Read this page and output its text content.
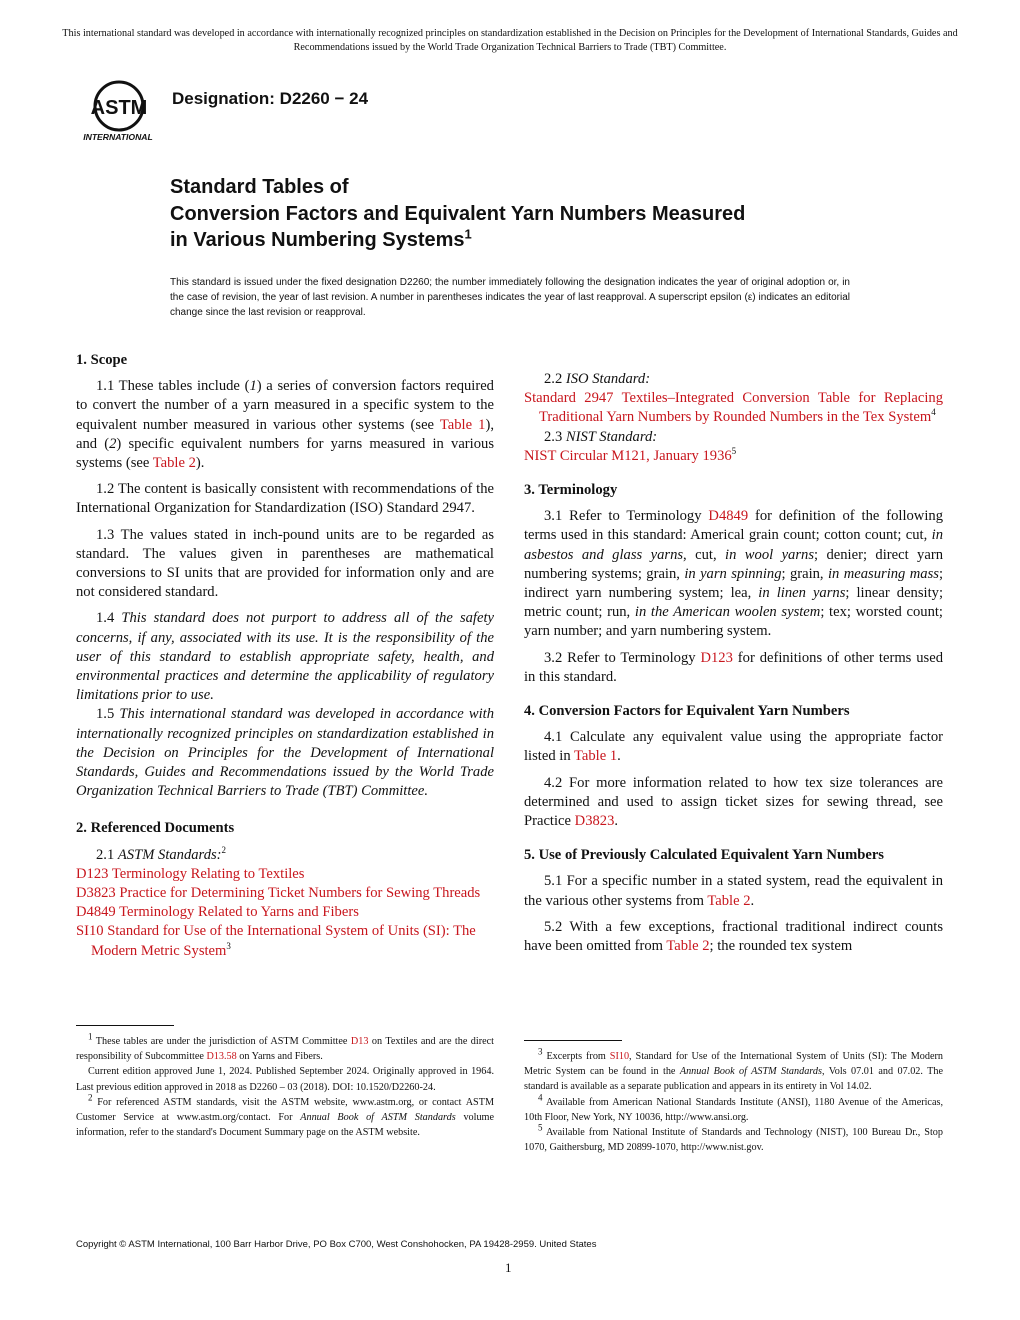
This international standard was developed in accordance with internationally recognized principles on standardization established in the Decision on Principles for the Development of International Standards, Guides and Recommendations issued by the World Trade Organization Technical Barriers to Trade (TBT) Committee.
ASTM
INTERNATIONAL
Designation: D2260 − 24
Standard Tables of
Conversion Factors and Equivalent Yarn Numbers Measured
in Various Numbering Systems$^1$
This standard is issued under the fixed designation D2260; the number immediately following the designation indicates the year of original adoption or, in the case of revision, the year of last revision. A number in parentheses indicates the year of last reapproval. A superscript epsilon (ε) indicates an editorial change since the last revision or reapproval.

1. Scope

1.1 These tables include (1) a series of conversion factors required to convert the number of a yarn measured in a specific system to the equivalent number measured in various other systems (see Table 1), and (2) specific equivalent numbers for yarns measured in various systems (see Table 2).

1.2 The content is basically consistent with recommendations of the International Organization for Standardization (ISO) Standard 2947.

1.3 The values stated in inch-pound units are to be regarded as standard. The values given in parentheses are mathematical conversions to SI units that are provided for information only and are not considered standard.

1.4 This standard does not purport to address all of the safety concerns, if any, associated with its use. It is the responsibility of the user of this standard to establish appropriate safety, health, and environmental practices and determine the applicability of regulatory limitations prior to use.

1.5 This international standard was developed in accordance with internationally recognized principles on standardization established in the Decision on Principles for the Development of International Standards, Guides and Recommendations issued by the World Trade Organization Technical Barriers to Trade (TBT) Committee.

2. Referenced Documents

2.1 ASTM Standards:$^2$

D123 Terminology Relating to Textiles

D3823 Practice for Determining Ticket Numbers for Sewing Threads

D4849 Terminology Related to Yarns and Fibers

SI10 Standard for Use of the International System of Units (SI): The Modern Metric System$^3$

2.2 ISO Standard:

Standard 2947 Textiles–Integrated Conversion Table for Replacing Traditional Yarn Numbers by Rounded Numbers in the Tex System$^4$

2.3 NIST Standard:

NIST Circular M121, January 1936$^5$

3. Terminology

3.1 Refer to Terminology D4849 for definition of the following terms used in this standard: Americal grain count; cotton count; cut, in asbestos and glass yarns, cut, in wool yarns; denier; direct yarn numbering systems; grain, in yarn spinning; grain, in measuring mass; indirect yarn numbering system; lea, in linen yarns; linear density; metric count; run, in the American woolen system; tex; worsted count; yarn number; and yarn numbering system.

3.2 Refer to Terminology D123 for definitions of other terms used in this standard.

4. Conversion Factors for Equivalent Yarn Numbers

4.1 Calculate any equivalent value using the appropriate factor listed in Table 1.

4.2 For more information related to how tex size tolerances are determined and used to assign ticket sizes for sewing thread, see Practice D3823.

5. Use of Previously Calculated Equivalent Yarn Numbers

5.1 For a specific number in a stated system, read the equivalent in the various other systems from Table 2.

5.2 With a few exceptions, fractional traditional indirect counts have been omitted from Table 2; the rounded tex system

$^1$ These tables are under the jurisdiction of ASTM Committee D13 on Textiles and are the direct responsibility of Subcommittee D13.58 on Yarns and Fibers.

Current edition approved June 1, 2024. Published September 2024. Originally approved in 1964. Last previous edition approved in 2018 as D2260 – 03 (2018). DOI: 10.1520/D2260-24.

$^2$ For referenced ASTM standards, visit the ASTM website, www.astm.org, or contact ASTM Customer Service at www.astm.org/contact. For Annual Book of ASTM Standards volume information, refer to the standard's Document Summary page on the ASTM website.

$^3$ Excerpts from SI10, Standard for Use of the International System of Units (SI): The Modern Metric System can be found in the Annual Book of ASTM Standards, Vols 07.01 and 07.02. The standard is available as a separate publication and appears in its entirety in Vol 14.02.

$^4$ Available from American National Standards Institute (ANSI), 1180 Avenue of the Americas, 10th Floor, New York, NY 10036, http://www.ansi.org.

$^5$ Available from National Institute of Standards and Technology (NIST), 100 Bureau Dr., Stop 1070, Gaithersburg, MD 20899-1070, http://www.nist.gov.

Copyright © ASTM International, 100 Barr Harbor Drive, PO Box C700, West Conshohocken, PA 19428-2959. United States
1
